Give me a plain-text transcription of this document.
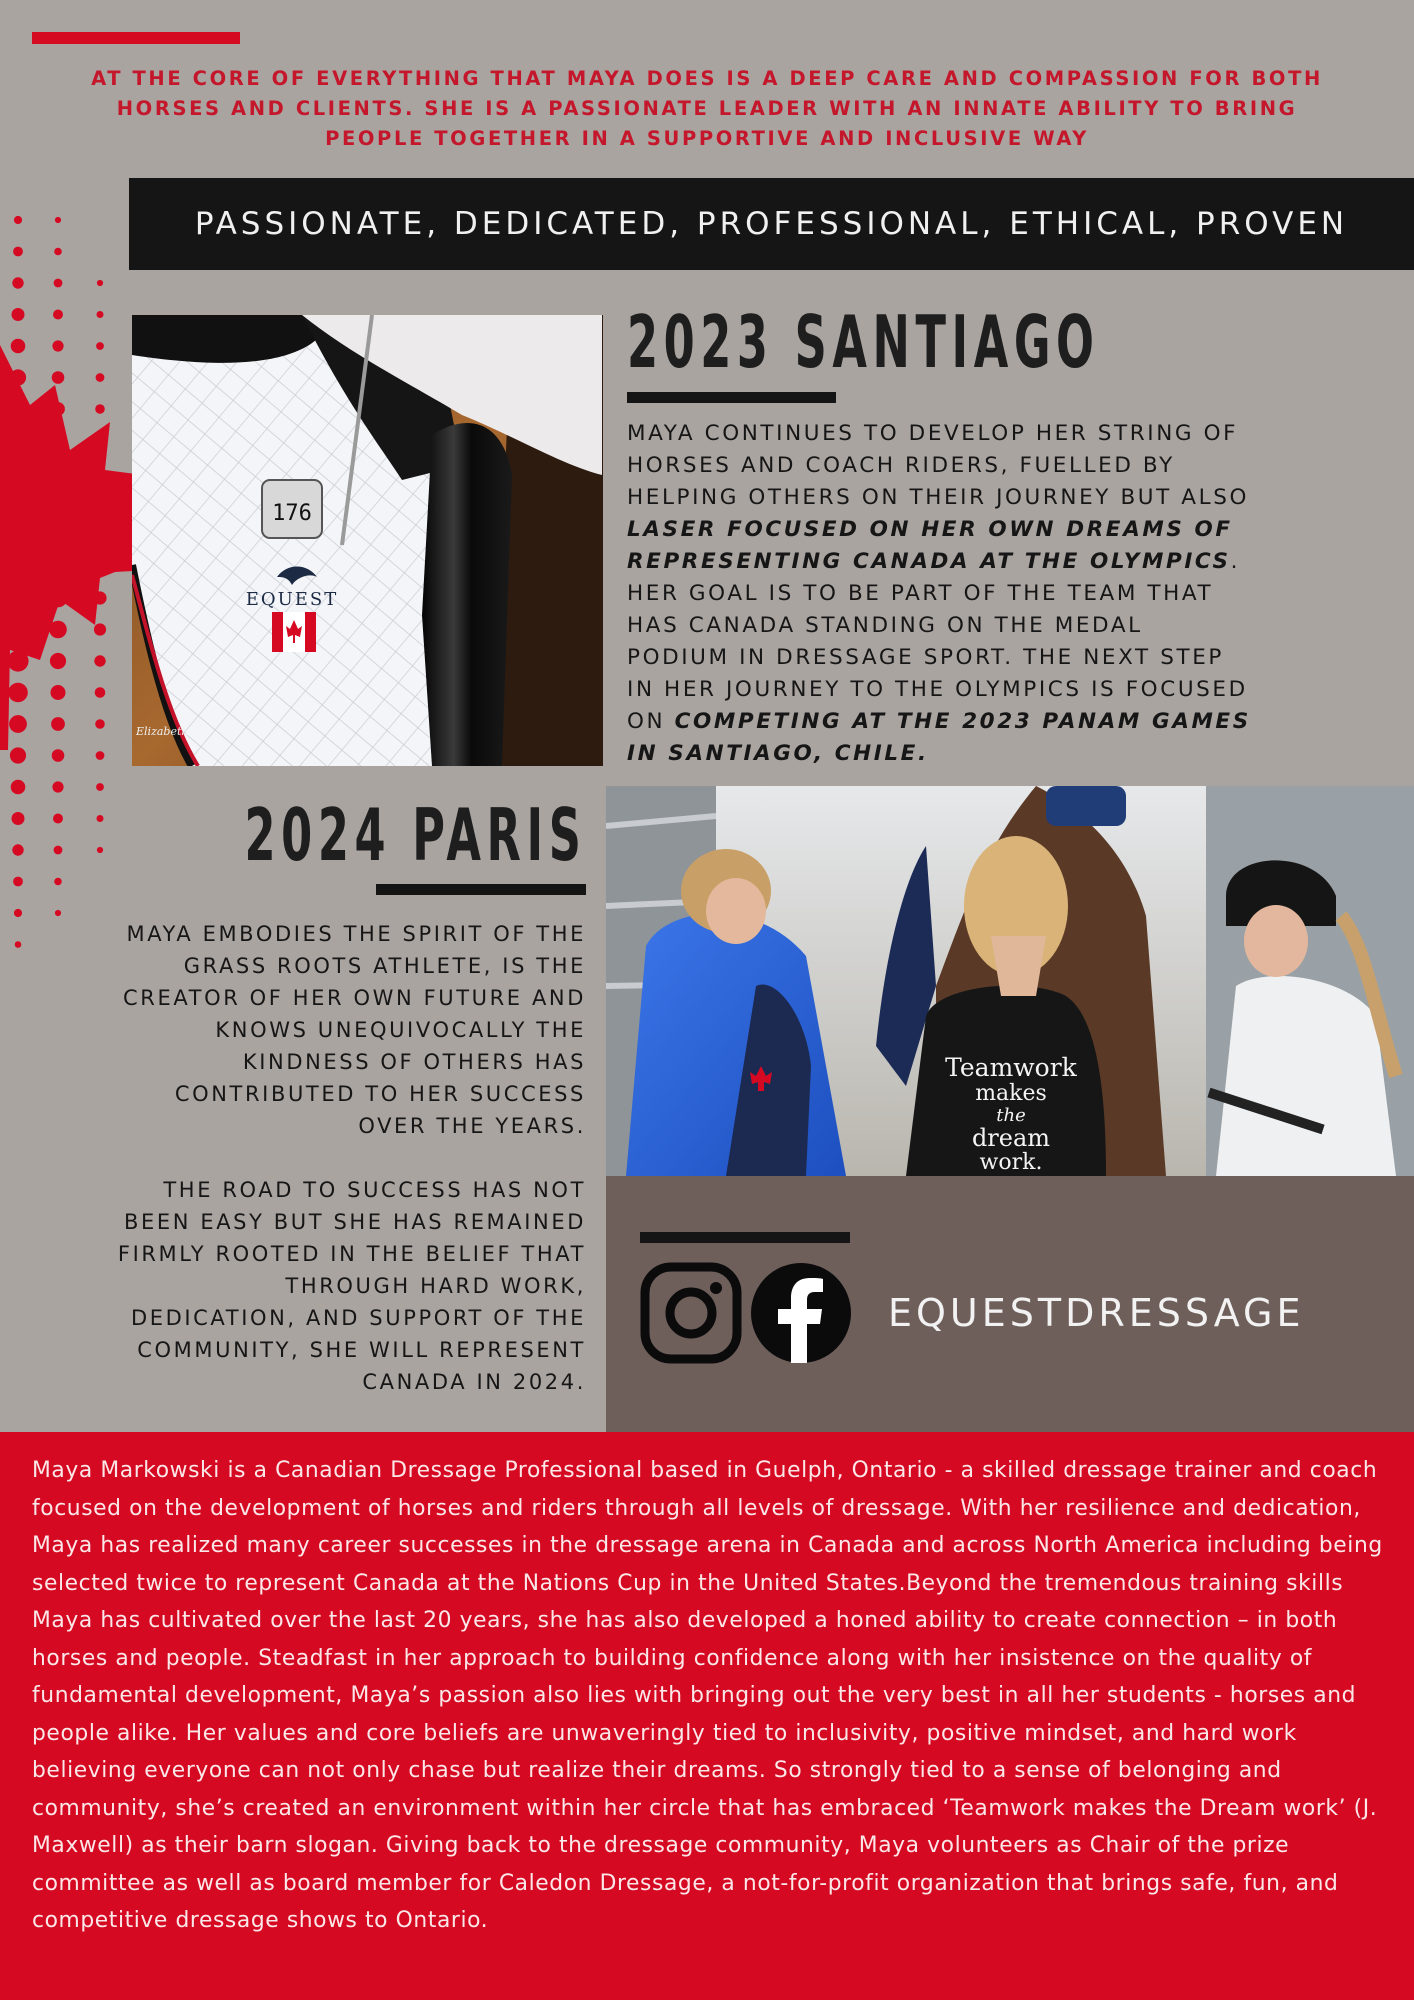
AT THE CORE OF EVERYTHING THAT MAYA DOES IS A DEEP CARE AND COMPASSION FOR BOTH
HORSES AND CLIENTS. SHE IS A PASSIONATE LEADER WITH AN INNATE ABILITY TO BRING
PEOPLE TOGETHER IN A SUPPORTIVE AND INCLUSIVE WAY
PASSIONATE, DEDICATED, PROFESSIONAL, ETHICAL, PROVEN
176
EQUEST
Elizabeth
2023 SANTIAGO
MAYA CONTINUES TO DEVELOP HER STRING OF
HORSES AND COACH RIDERS, FUELLED BY
HELPING OTHERS ON THEIR JOURNEY BUT ALSO
LASER FOCUSED ON HER OWN DREAMS OF
REPRESENTING CANADA AT THE OLYMPICS.
HER GOAL IS TO BE PART OF THE TEAM THAT
HAS CANADA STANDING ON THE MEDAL
PODIUM IN DRESSAGE SPORT. THE NEXT STEP
IN HER JOURNEY TO THE OLYMPICS IS FOCUSED
ON COMPETING AT THE 2023 PANAM GAMES
IN SANTIAGO, CHILE.
2024 PARIS
MAYA EMBODIES THE SPIRIT OF THE
GRASS ROOTS ATHLETE, IS THE
CREATOR OF HER OWN FUTURE AND
KNOWS UNEQUIVOCALLY THE
KINDNESS OF OTHERS HAS
CONTRIBUTED TO HER SUCCESS
OVER THE YEARS.
THE ROAD TO SUCCESS HAS NOT
BEEN EASY BUT SHE HAS REMAINED
FIRMLY ROOTED IN THE BELIEF THAT
THROUGH HARD WORK,
DEDICATION, AND SUPPORT OF THE
COMMUNITY, SHE WILL REPRESENT
CANADA IN 2024.
Teamwork
makes
the
dream
work.
EQUESTDRESSAGE
Maya Markowski is a Canadian Dressage Professional based in Guelph, Ontario - a skilled dressage trainer and coach focused on the development of horses and riders through all levels of dressage. With her resilience and dedication, Maya has realized many career successes in the dressage arena in Canada and across North America including being selected twice to represent Canada at the Nations Cup in the United States.Beyond the tremendous training skills Maya has cultivated over the last 20 years, she has also developed a honed ability to create connection – in both horses and people. Steadfast in her approach to building confidence along with her insistence on the quality of fundamental development, Maya’s passion also lies with bringing out the very best in all her students - horses and people alike. Her values and core beliefs are unwaveringly tied to inclusivity, positive mindset, and hard work believing everyone can not only chase but realize their dreams. So strongly tied to a sense of belonging and community, she’s created an environment within her circle that has embraced ‘Teamwork makes the Dream work’ (J. Maxwell) as their barn slogan. Giving back to the dressage community, Maya volunteers as Chair of the prize committee as well as board member for Caledon Dressage, a not-for-profit organization that brings safe, fun, and competitive dressage shows to Ontario.
